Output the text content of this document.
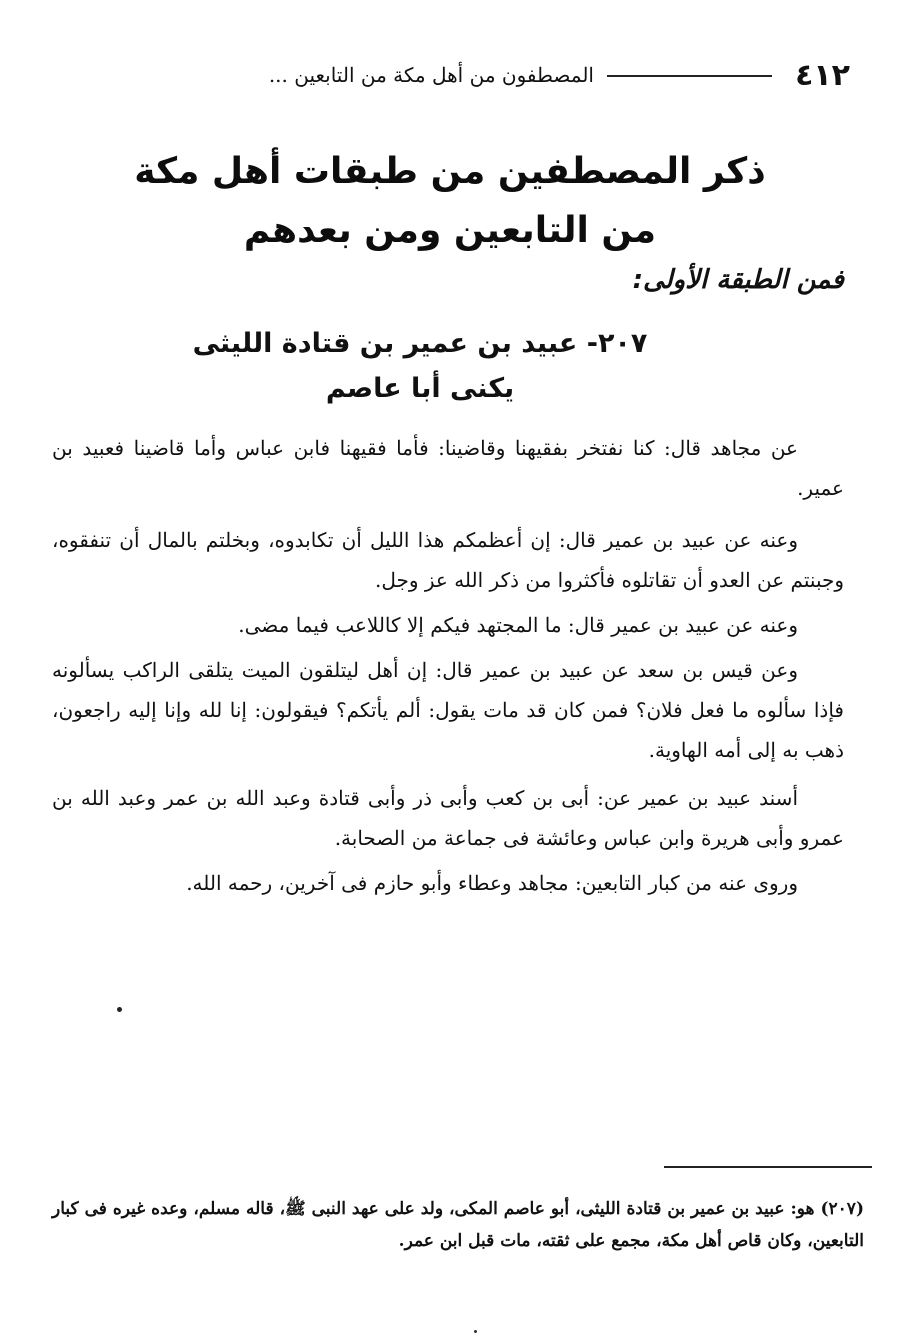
٤١٢
المصطفون من أهل مكة من التابعين ...
ذكر المصطفين من طبقات أهل مكة
من التابعين ومن بعدهم
فمن الطبقة الأولى:
٢٠٧- عبيد بن عمير بن قتادة الليثى
يكنى أبا عاصم

عن مجاهد قال: كنا نفتخر بفقيهنا وقاضينا: فأما فقيهنا فابن عباس وأما قاضينا فعبيد بن عمير.

وعنه عن عبيد بن عمير قال: إن أعظمكم هذا الليل أن تكابدوه، وبخلتم بالمال أن تنفقوه، وجبنتم عن العدو أن تقاتلوه فأكثروا من ذكر الله عز وجل.

وعنه عن عبيد بن عمير قال: ما المجتهد فيكم إلا كاللاعب فيما مضى.

وعن قيس بن سعد عن عبيد بن عمير قال: إن أهل ليتلقون الميت يتلقى الراكب يسألونه فإذا سألوه ما فعل فلان؟ فمن كان قد مات يقول: ألم يأتكم؟ فيقولون: إنا لله وإنا إليه راجعون، ذهب به إلى أمه الهاوية.

أسند عبيد بن عمير عن: أبى بن كعب وأبى ذر وأبى قتادة وعبد الله بن عمر وعبد الله بن عمرو وأبى هريرة وابن عباس وعائشة فى جماعة من الصحابة.

وروى عنه من كبار التابعين: مجاهد وعطاء وأبو حازم فى آخرين، رحمه الله.

(٢٠٧) هو: عبيد بن عمير بن قتادة الليثى، أبو عاصم المكى، ولد على عهد النبى ﷺ، قاله مسلم، وعده غيره فى كبار التابعين، وكان قاص أهل مكة، مجمع على ثقته، مات قبل ابن عمر.
